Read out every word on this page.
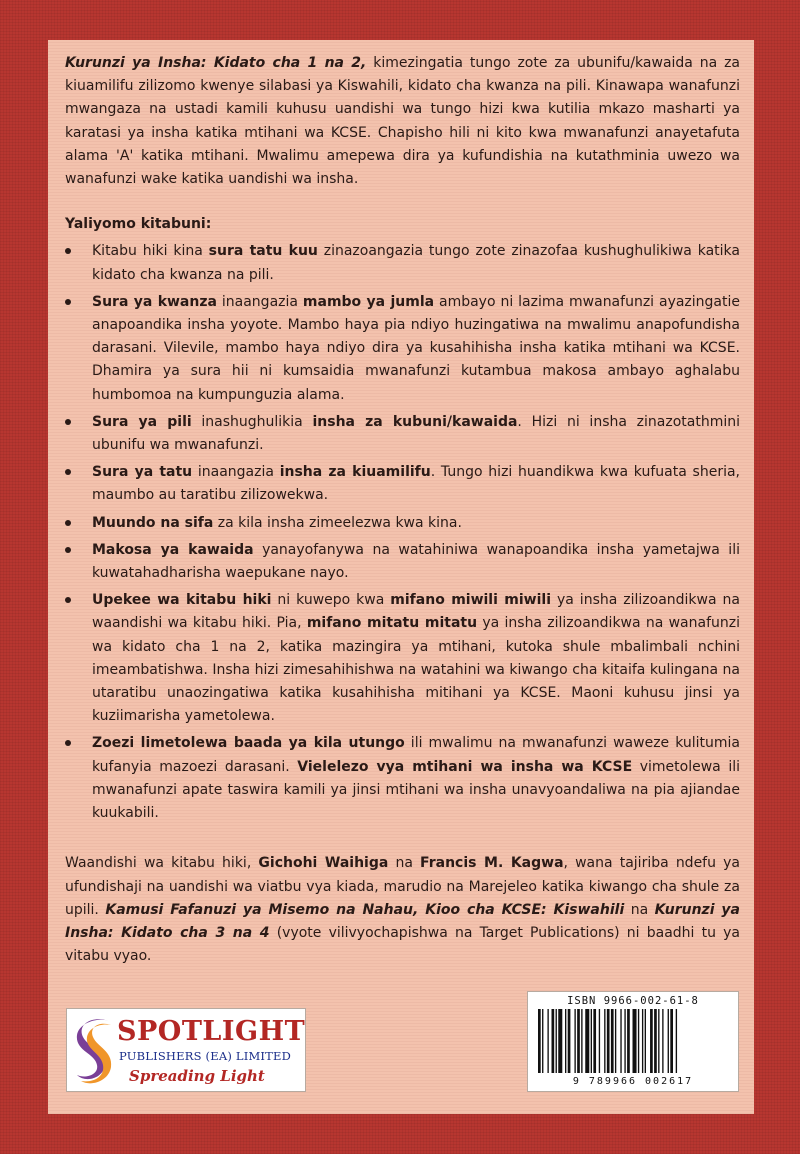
Kurunzi ya Insha: Kidato cha 1 na 2, kimezingatia tungo zote za ubunifu/kawaida na za kiuamilifu zilizomo kwenye silabasi ya Kiswahili, kidato cha kwanza na pili. Kinawapa wanafunzi mwangaza na ustadi kamili kuhusu uandishi wa tungo hizi kwa kutilia mkazo masharti ya karatasi ya insha katika mtihani wa KCSE. Chapisho hili ni kito kwa mwanafunzi anayetafuta alama 'A' katika mtihani. Mwalimu amepewa dira ya kufundishia na kutathminia uwezo wa wanafunzi wake katika uandishi wa insha.

Yaliyomo kitabuni:

Kitabu hiki kina sura tatu kuu zinazoangazia tungo zote zinazofaa kushughulikiwa katika kidato cha kwanza na pili.
Sura ya kwanza inaangazia mambo ya jumla ambayo ni lazima mwanafunzi ayazingatie anapoandika insha yoyote. Mambo haya pia ndiyo huzingatiwa na mwalimu anapofundisha darasani. Vilevile, mambo haya ndiyo dira ya kusahihisha insha katika mtihani wa KCSE. Dhamira ya sura hii ni kumsaidia mwanafunzi kutambua makosa ambayo aghalabu humbomoa na kumpunguzia alama.
Sura ya pili inashughulikia insha za kubuni/kawaida. Hizi ni insha zinazotathmini ubunifu wa mwanafunzi.
Sura ya tatu inaangazia insha za kiuamilifu. Tungo hizi huandikwa kwa kufuata sheria, maumbo au taratibu zilizowekwa.
Muundo na sifa za kila insha zimeelezwa kwa kina.
Makosa ya kawaida yanayofanywa na watahiniwa wanapoandika insha yametajwa ili kuwatahadharisha waepukane nayo.
Upekee wa kitabu hiki ni kuwepo kwa mifano miwili miwili ya insha zilizoandikwa na waandishi wa kitabu hiki. Pia, mifano mitatu mitatu ya insha zilizoandikwa na wanafunzi wa kidato cha 1 na 2, katika mazingira ya mtihani, kutoka shule mbalimbali nchini imeambatishwa. Insha hizi zimesahihishwa na watahini wa kiwango cha kitaifa kulingana na utaratibu unaozingatiwa katika kusahihisha mitihani ya KCSE. Maoni kuhusu jinsi ya kuziimarisha yametolewa.
Zoezi limetolewa baada ya kila utungo ili mwalimu na mwanafunzi waweze kulitumia kufanyia mazoezi darasani. Vielelezo vya mtihani wa insha wa KCSE vimetolewa ili mwanafunzi apate taswira kamili ya jinsi mtihani wa insha unavyoandaliwa na pia ajiandae kuukabili.

Waandishi wa kitabu hiki, Gichohi Waihiga na Francis M. Kagwa, wana tajiriba ndefu ya ufundishaji na uandishi wa viatbu vya kiada, marudio na Marejeleo katika kiwango cha shule za upili. Kamusi Fafanuzi ya Misemo na Nahau, Kioo cha KCSE: Kiswahili na Kurunzi ya Insha: Kidato cha 3 na 4 (vyote vilivyochapishwa na Target Publications) ni baadhi tu ya vitabu vyao.

SPOTLIGHT
PUBLISHERS (EA) LIMITED
Spreading Light
ISBN 9966-002-61-8
9 789966 002617
